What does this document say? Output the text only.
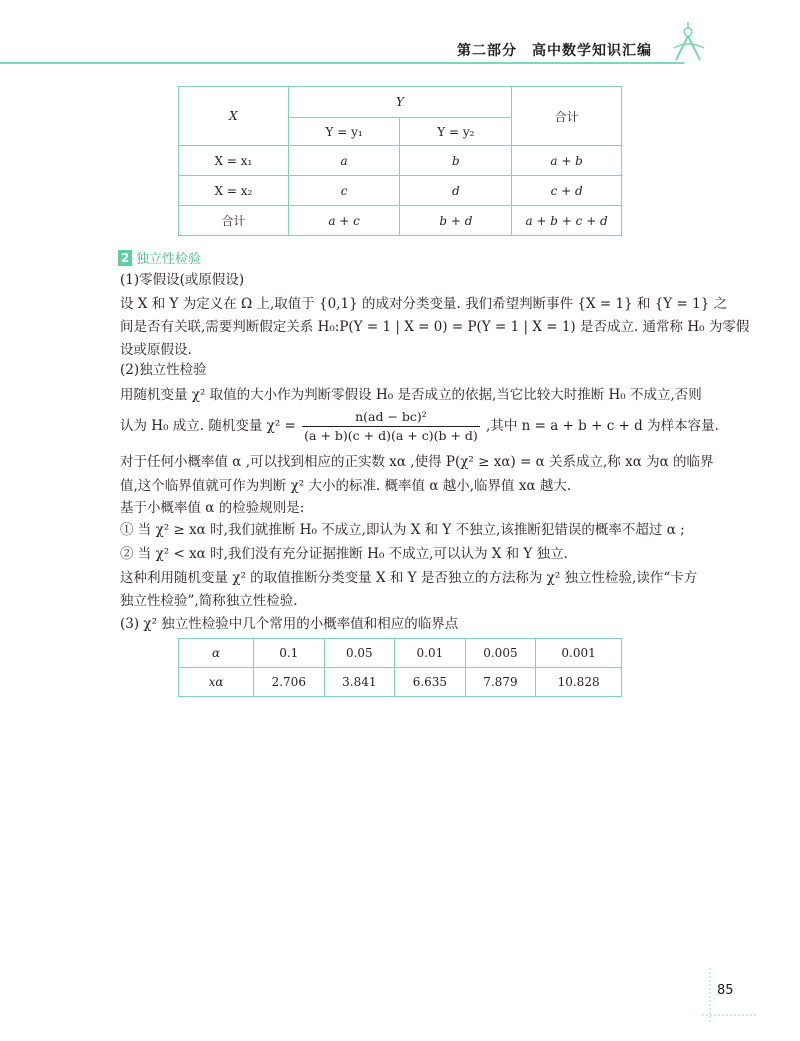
第二部分　高中数学知识汇编
X	Y		合计
	Y = y₁	Y = y₂	
X = x₁	a	b	a + b
X = x₂	c	d	c + d
合计	a + c	b + d	a + b + c + d
2 独立性检验
(1)零假设(或原假设)
设 X 和 Y 为定义在 Ω 上,取值于 {0,1} 的成对分类变量. 我们希望判断事件 {X = 1} 和 {Y = 1} 之
间是否有关联,需要判断假定关系 H₀:P(Y = 1 | X = 0) = P(Y = 1 | X = 1) 是否成立. 通常称 H₀ 为零假
设或原假设.
(2)独立性检验
用随机变量 χ² 取值的大小作为判断零假设 H₀ 是否成立的依据,当它比较大时推断 H₀ 不成立,否则
认为 H₀ 成立. 随机变量 $\chi^2 = \frac{\text{n(ad − bc)²}}{(a + b)(c + d)(a + c)(b + d)}$ ,其中 n = a + b + c + d 为样本容量.
对于任何小概率值 α ,可以找到相应的正实数 xα ,使得 P(χ² ≥ xα) = α 关系成立,称 xα 为α 的临界
值,这个临界值就可作为判断 χ² 大小的标准. 概率值 α 越小,临界值 xα 越大.
基于小概率值 α 的检验规则是:
① 当 χ² ≥ xα 时,我们就推断 H₀ 不成立,即认为 X 和 Y 不独立,该推断犯错误的概率不超过 α ;
② 当 χ² < xα 时,我们没有充分证据推断 H₀ 不成立,可以认为 X 和 Y 独立.
这种利用随机变量 χ² 的取值推断分类变量 X 和 Y 是否独立的方法称为 χ² 独立性检验,读作“卡方
独立性检验”,简称独立性检验.
(3) χ² 独立性检验中几个常用的小概率值和相应的临界点
α	0.1	0.05	0.01	0.005	0.001
xα	2.706	3.841	6.635	7.879	10.828
85
